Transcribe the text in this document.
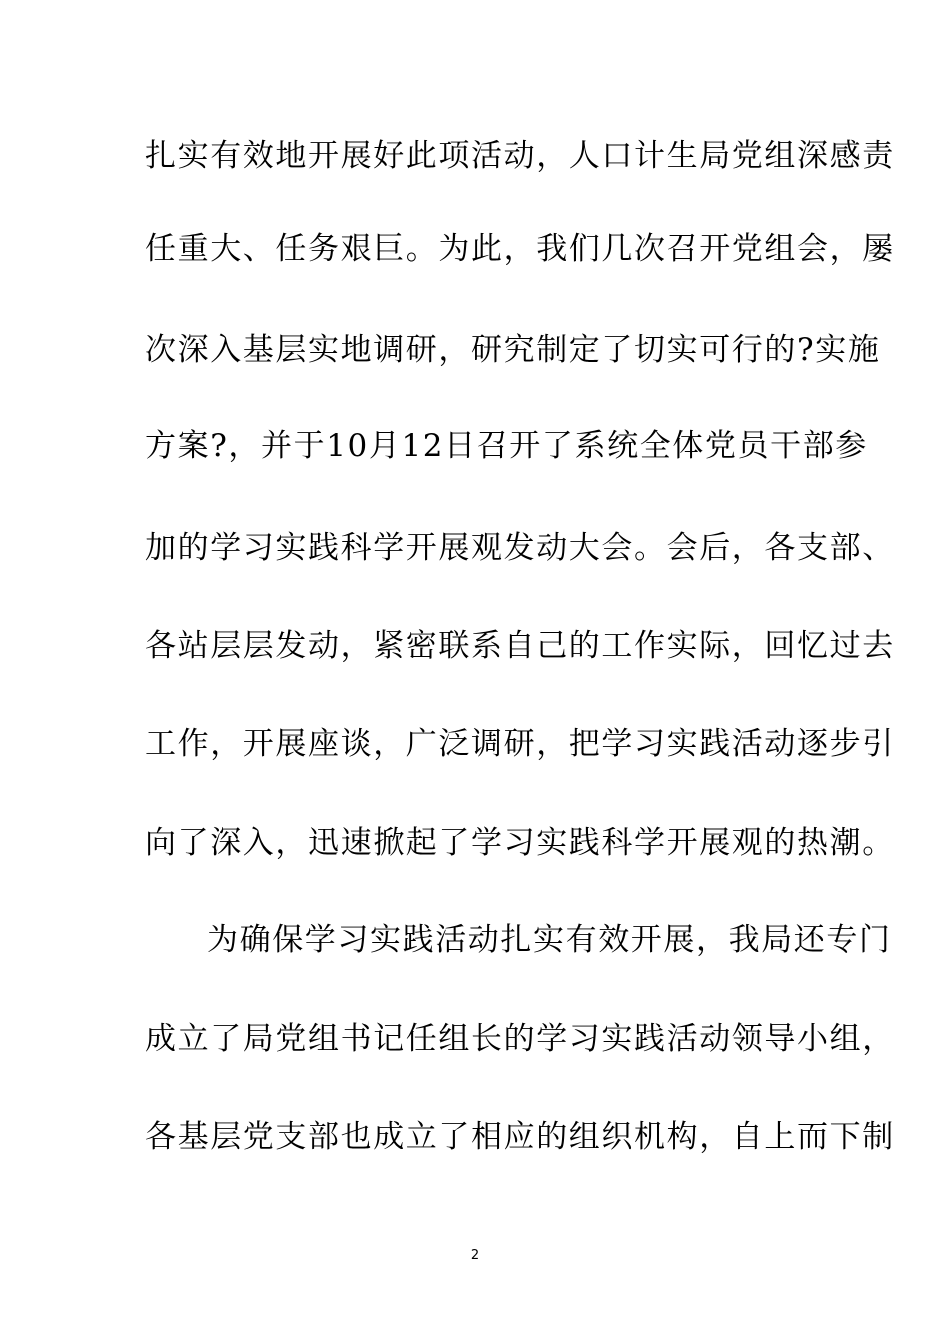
扎实有效地开展好此项活动，人口计生局党组深感责
任重大、任务艰巨。为此，我们几次召开党组会，屡
次深入基层实地调研，研究制定了切实可行的?实施
方案?，并于10月12日召开了系统全体党员干部参
加的学习实践科学开展观发动大会。会后，各支部、
各站层层发动，紧密联系自己的工作实际，回忆过去
工作，开展座谈，广泛调研，把学习实践活动逐步引
向了深入，迅速掀起了学习实践科学开展观的热潮。
为确保学习实践活动扎实有效开展，我局还专门
成立了局党组书记任组长的学习实践活动领导小组，
各基层党支部也成立了相应的组织机构，自上而下制
2
